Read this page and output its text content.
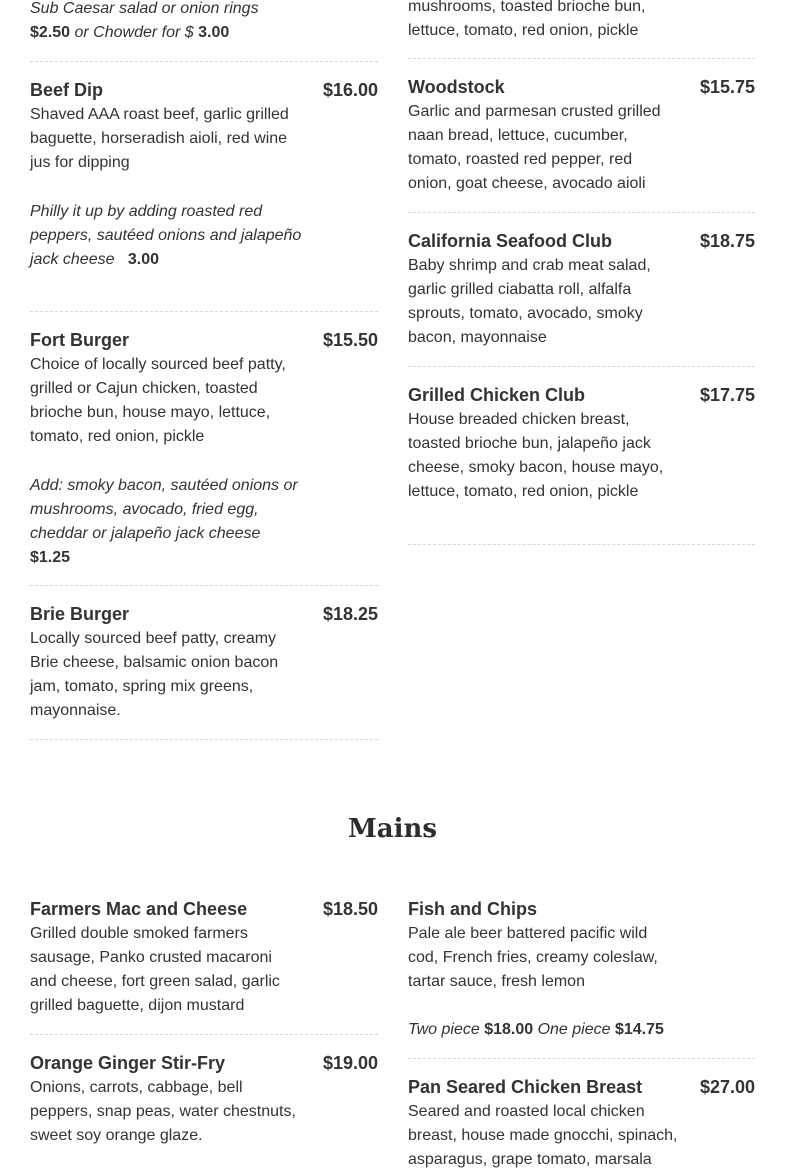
Sub Caesar salad or onion rings
$2.50 or Chowder for $ 3.00
Beef Dip	$16.00
Shaved AAA roast beef, garlic grilled baguette, horseradish aioli, red wine jus for dipping
Philly it up by adding roasted red peppers, sautéed onions and jalapeño jack cheese 3.00
Fort Burger	$15.50
Choice of locally sourced beef patty, grilled or Cajun chicken, toasted brioche bun, house mayo, lettuce, tomato, red onion, pickle
Add: smoky bacon, sautéed onions or mushrooms, avocado, fried egg, cheddar or jalapeño jack cheese
$1.25
Brie Burger	$18.25
Locally sourced beef patty, creamy Brie cheese, balsamic onion bacon jam, tomato, spring mix greens, mayonnaise.
Farmers Mac and Cheese	$18.50
Grilled double smoked farmers sausage, Panko crusted macaroni and cheese, fort green salad, garlic grilled baguette, dijon mustard
Orange Ginger Stir-Fry	$19.00
Onions, carrots, cabbage, bell peppers, snap peas, water chestnuts, sweet soy orange glaze.
mushrooms, toasted brioche bun,
lettuce, tomato, red onion, pickle
Woodstock	$15.75
Garlic and parmesan crusted grilled naan bread, lettuce, cucumber, tomato, roasted red pepper, red onion, goat cheese, avocado aioli
California Seafood Club	$18.75
Baby shrimp and crab meat salad, garlic grilled ciabatta roll, alfalfa sprouts, tomato, avocado, smoky bacon, mayonnaise
Grilled Chicken Club	$17.75
House breaded chicken breast, toasted brioche bun, jalapeño jack cheese, smoky bacon, house mayo, lettuce, tomato, red onion, pickle
Fish and Chips
Pale ale beer battered pacific wild cod, French fries, creamy coleslaw, tartar sauce, fresh lemon
Two piece $18.00 One piece $14.75
Pan Seared Chicken Breast	$27.00
Seared and roasted local chicken breast, house made gnocchi, spinach, asparagus, grape tomato, marsala
Mains
